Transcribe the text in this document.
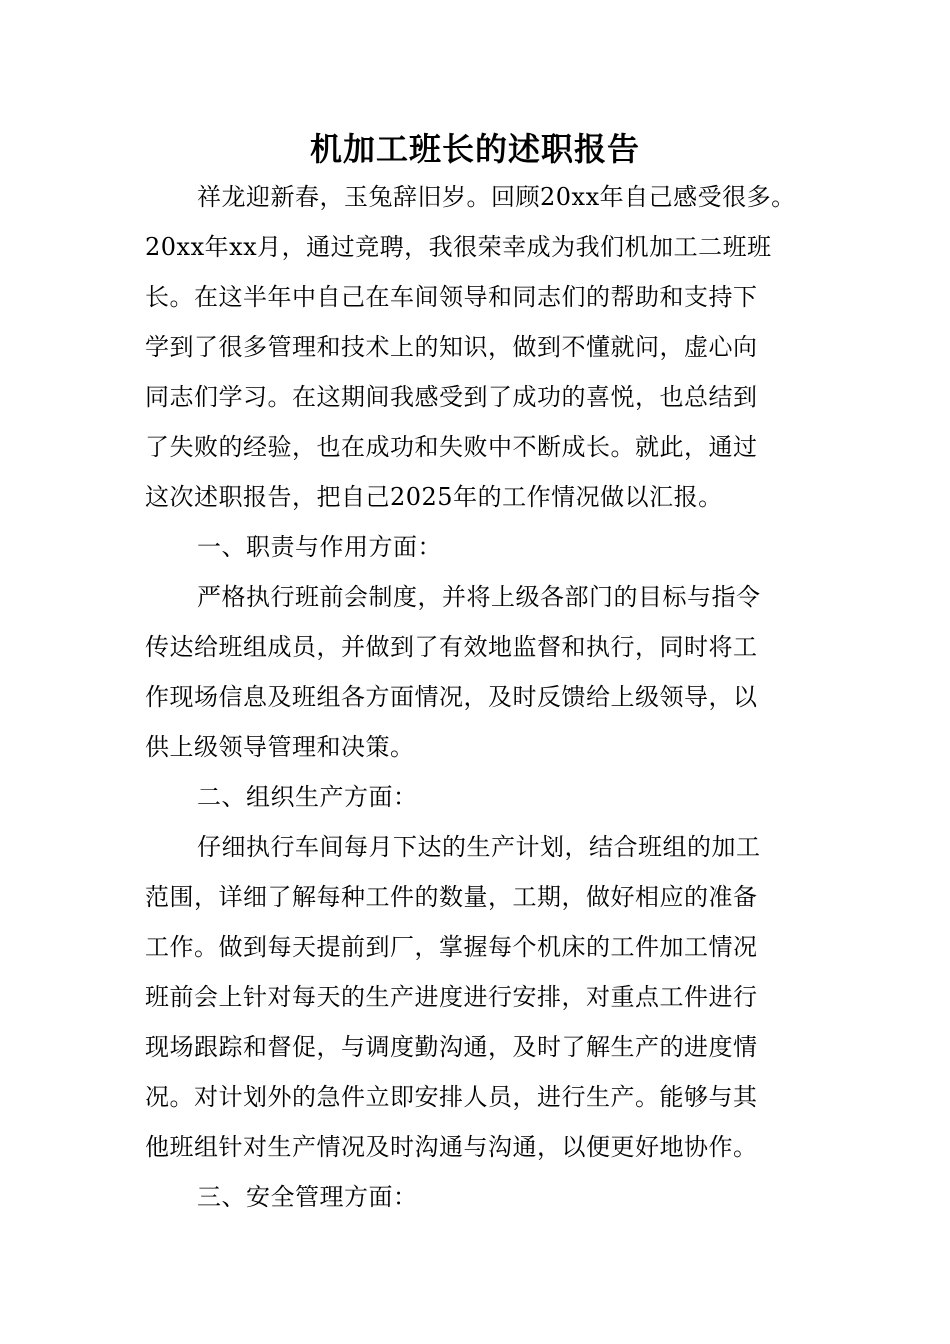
机加工班长的述职报告
祥龙迎新春，玉兔辞旧岁。回顾20xx年自己感受很多。
20xx年xx月，通过竞聘，我很荣幸成为我们机加工二班班
长。在这半年中自己在车间领导和同志们的帮助和支持下
学到了很多管理和技术上的知识，做到不懂就问，虚心向
同志们学习。在这期间我感受到了成功的喜悦，也总结到
了失败的经验，也在成功和失败中不断成长。就此，通过
这次述职报告，把自己2025年的工作情况做以汇报。
一、职责与作用方面：
严格执行班前会制度，并将上级各部门的目标与指令
传达给班组成员，并做到了有效地监督和执行，同时将工
作现场信息及班组各方面情况，及时反馈给上级领导，以
供上级领导管理和决策。
二、组织生产方面：
仔细执行车间每月下达的生产计划，结合班组的加工
范围，详细了解每种工件的数量，工期，做好相应的准备
工作。做到每天提前到厂，掌握每个机床的工件加工情况
班前会上针对每天的生产进度进行安排，对重点工件进行
现场跟踪和督促，与调度勤沟通，及时了解生产的进度情
况。对计划外的急件立即安排人员，进行生产。能够与其
他班组针对生产情况及时沟通与沟通，以便更好地协作。
三、安全管理方面：
